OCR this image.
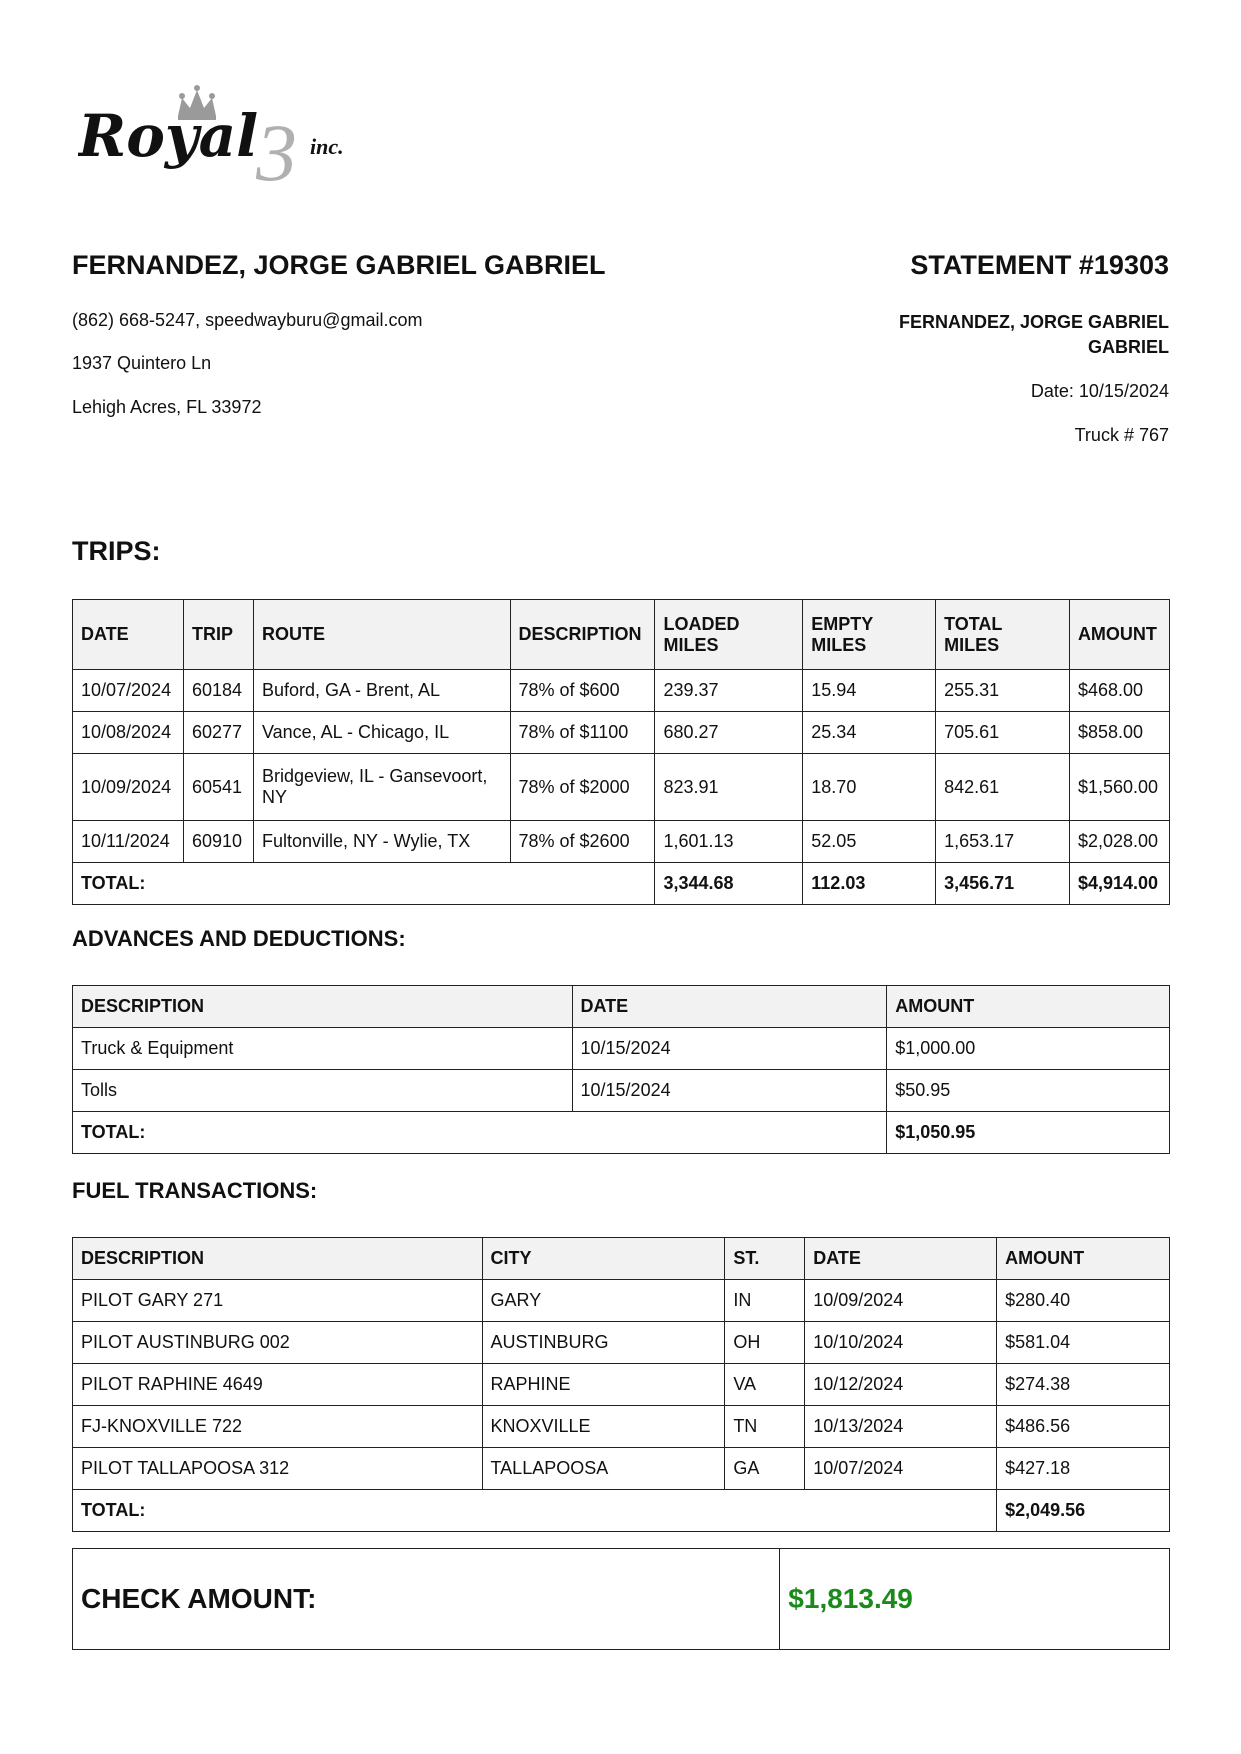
3
Royal inc.
FERNANDEZ, JORGE GABRIEL GABRIEL
(862) 668-5247, speedwayburu@gmail.com
1937 Quintero Ln
Lehigh Acres, FL 33972
STATEMENT #19303
FERNANDEZ, JORGE GABRIEL GABRIEL
Date: 10/15/2024
Truck # 767
TRIPS:
DATE	TRIP	ROUTE	DESCRIPTION	LOADED MILES	EMPTY MILES	TOTAL MILES	AMOUNT
10/07/2024	60184	Buford, GA - Brent, AL	78% of $600	239.37	15.94	255.31	$468.00
10/08/2024	60277	Vance, AL - Chicago, IL	78% of $1100	680.27	25.34	705.61	$858.00
10/09/2024	60541	Bridgeview, IL - Gansevoort, NY	78% of $2000	823.91	18.70	842.61	$1,560.00
10/11/2024	60910	Fultonville, NY - Wylie, TX	78% of $2600	1,601.13	52.05	1,653.17	$2,028.00
TOTAL:				3,344.68	112.03	3,456.71	$4,914.00
ADVANCES AND DEDUCTIONS:
DESCRIPTION	DATE	AMOUNT
Truck & Equipment	10/15/2024	$1,000.00
Tolls	10/15/2024	$50.95
TOTAL:		$1,050.95
FUEL TRANSACTIONS:
DESCRIPTION	CITY	ST.	DATE	AMOUNT
PILOT GARY 271	GARY	IN	10/09/2024	$280.40
PILOT AUSTINBURG 002	AUSTINBURG	OH	10/10/2024	$581.04
PILOT RAPHINE 4649	RAPHINE	VA	10/12/2024	$274.38
FJ-KNOXVILLE 722	KNOXVILLE	TN	10/13/2024	$486.56
PILOT TALLAPOOSA 312	TALLAPOOSA	GA	10/07/2024	$427.18
TOTAL:				$2,049.56
CHECK AMOUNT:	$1,813.49
